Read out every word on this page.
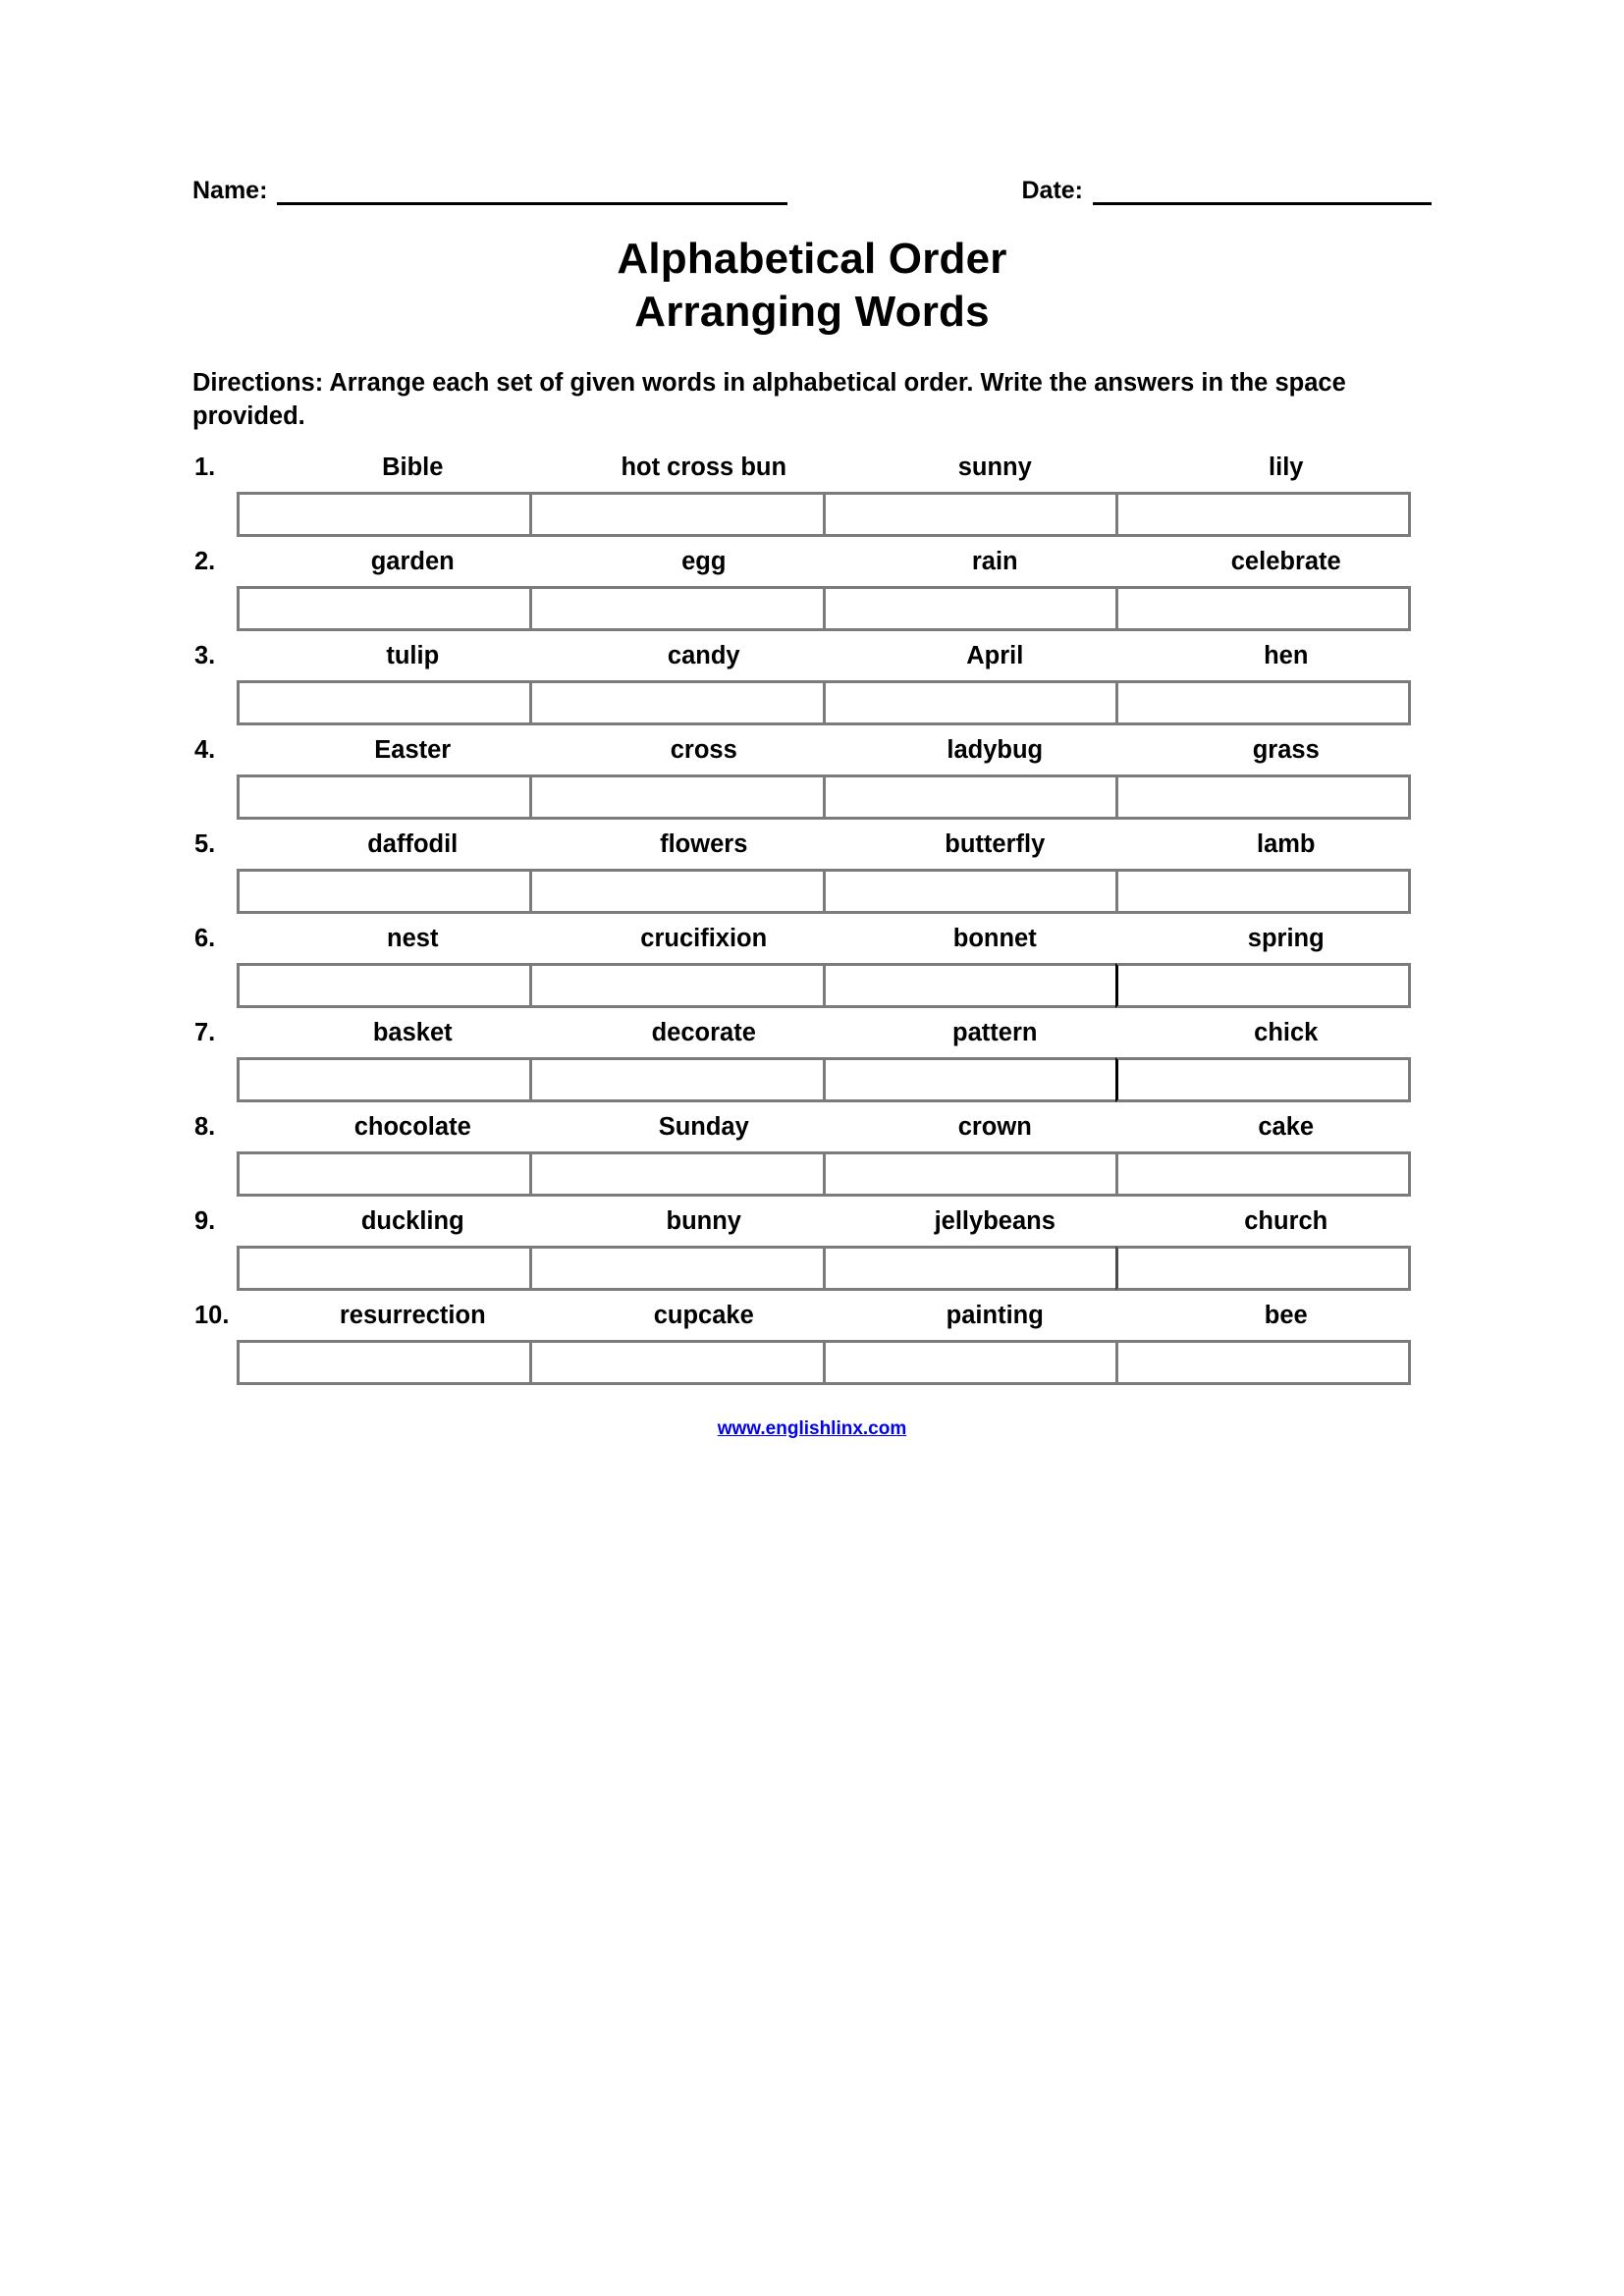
Name:	Date:
Alphabetical Order
Arranging Words
Directions: Arrange each set of given words in alphabetical order. Write the answers in the space provided.
1.	Bible	hot cross bun	sunny	lily
2.	garden	egg	rain	celebrate
3.	tulip	candy	April	hen
4.	Easter	cross	ladybug	grass
5.	daffodil	flowers	butterfly	lamb
6.	nest	crucifixion	bonnet	spring
7.	basket	decorate	pattern	chick
8.	chocolate	Sunday	crown	cake
9.	duckling	bunny	jellybeans	church
10.	resurrection	cupcake	painting	bee
www.englishlinx.com
